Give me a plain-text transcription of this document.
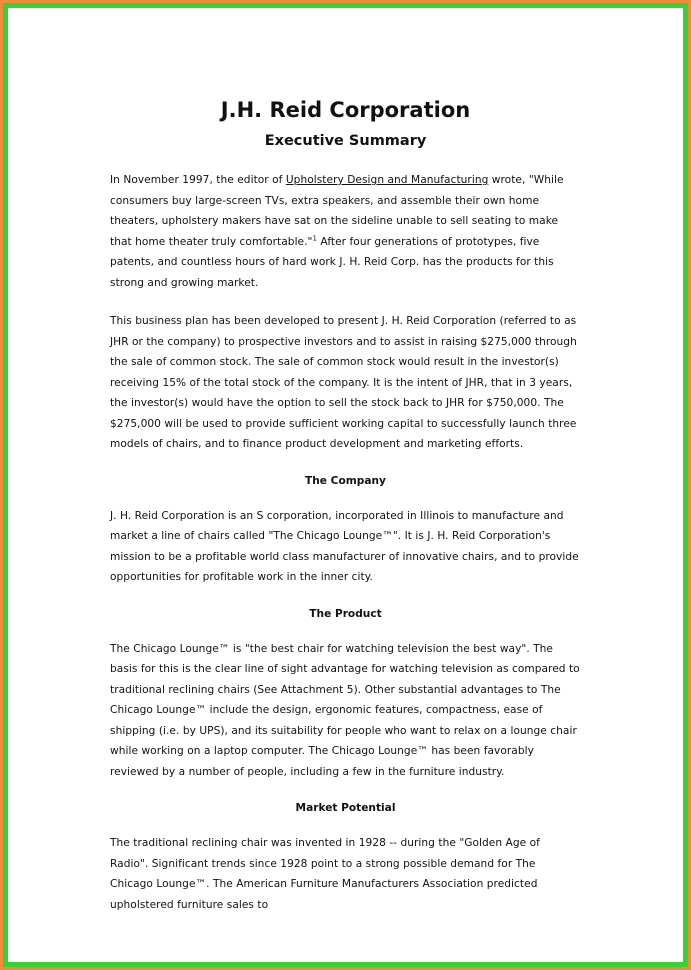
J.H. Reid Corporation
Executive Summary

In November 1997, the editor of Upholstery Design and Manufacturing wrote, "While consumers buy large-screen TVs, extra speakers, and assemble their own home theaters, upholstery makers have sat on the sideline unable to sell seating to make that home theater truly comfortable."$^1$ After four generations of prototypes, five patents, and countless hours of hard work J. H. Reid Corp. has the products for this strong and growing market.

This business plan has been developed to present J. H. Reid Corporation (referred to as JHR or the company) to prospective investors and to assist in raising $275,000 through the sale of common stock. The sale of common stock would result in the investor(s) receiving 15% of the total stock of the company. It is the intent of JHR, that in 3 years, the investor(s) would have the option to sell the stock back to JHR for $750,000. The $275,000 will be used to provide sufficient working capital to successfully launch three models of chairs, and to finance product development and marketing efforts.

The Company

J. H. Reid Corporation is an S corporation, incorporated in Illinois to manufacture and market a line of chairs called "The Chicago Lounge™". It is J. H. Reid Corporation's mission to be a profitable world class manufacturer of innovative chairs, and to provide opportunities for profitable work in the inner city.

The Product

The Chicago Lounge™ is "the best chair for watching television the best way". The basis for this is the clear line of sight advantage for watching television as compared to traditional reclining chairs (See Attachment 5). Other substantial advantages to The Chicago Lounge™ include the design, ergonomic features, compactness, ease of shipping (i.e. by UPS), and its suitability for people who want to relax on a lounge chair while working on a laptop computer. The Chicago Lounge™ has been favorably reviewed by a number of people, including a few in the furniture industry.

Market Potential

The traditional reclining chair was invented in 1928 -- during the "Golden Age of Radio". Significant trends since 1928 point to a strong possible demand for The Chicago Lounge™. The American Furniture Manufacturers Association predicted upholstered furniture sales to
